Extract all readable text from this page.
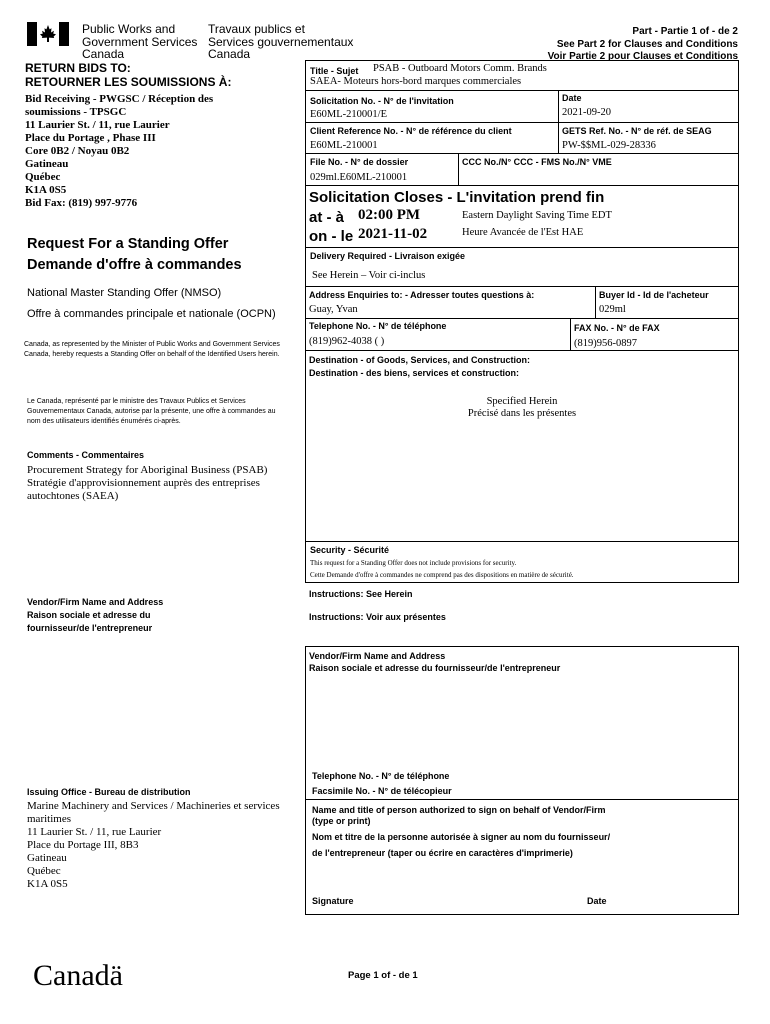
Public Works and
Government Services
Canada
Travaux publics et
Services gouvernementaux
Canada
Part - Partie 1 of - de 2
See Part 2 for Clauses and Conditions
Voir Partie 2 pour Clauses et Conditions
RETURN BIDS TO:
RETOURNER LES SOUMISSIONS À:
Bid Receiving - PWGSC / Réception des
soumissions - TPSGC
11 Laurier St. / 11, rue Laurier
Place du Portage , Phase III
Core 0B2 / Noyau 0B2
Gatineau
Québec
K1A 0S5
Bid Fax: (819) 997-9776
Request For a Standing Offer
Demande d'offre à commandes
National Master Standing Offer (NMSO)
Offre à commandes principale et nationale (OCPN)
Canada, as represented by the Minister of Public Works and Government Services Canada, hereby requests a Standing Offer on behalf of the Identified Users herein.
Le Canada, représenté par le ministre des Travaux Publics et Services Gouvernementaux Canada, autorise par la présente, une offre à commandes au nom des utilisateurs identifiés énumérés ci-après.
Comments - Commentaires
Procurement Strategy for Aboriginal Business (PSAB)
Stratégie d'approvisionnement auprès des entreprises
autochtones (SAEA)
Vendor/Firm Name and Address
Raison sociale et adresse du
fournisseur/de l'entrepreneur
Issuing Office - Bureau de distribution
Marine Machinery and Services / Machineries et services
maritimes
11 Laurier St. / 11, rue Laurier
Place du Portage III, 8B3
Gatineau
Québec
K1A 0S5
Title - Sujet PSAB - Outboard Motors Comm. Brands
SAEA- Moteurs hors-bord marques commerciales
Solicitation No. - N° de l'invitation
E60ML-210001/E
Date
2021-09-20
Client Reference No. - N° de référence du client
E60ML-210001
GETS Ref. No. - N° de réf. de SEAG
PW-$$ML-029-28336
File No. - N° de dossier
029ml.E60ML-210001
CCC No./N° CCC - FMS No./N° VME
Solicitation Closes - L'invitation prend fin
at - à 02:00 PM	Eastern Daylight Saving Time EDT
on - le 2021-11-02	Heure Avancée de l'Est HAE
Delivery Required - Livraison exigée
See Herein – Voir ci-inclus
Address Enquiries to: - Adresser toutes questions à:
Guay, Yvan
Buyer Id - Id de l'acheteur
029ml
Telephone No. - N° de téléphone
(819)962-4038 ( )
FAX No. - N° de FAX
(819)956-0897
Destination - of Goods, Services, and Construction:
Destination - des biens, services et construction:
Specified Herein
Précisé dans les présentes
Security - Sécurité
This request for a Standing Offer does not include provisions for security.
Cette Demande d'offre à commandes ne comprend pas des dispositions en matière de sécurité.
Instructions: See Herein
Instructions: Voir aux présentes
Vendor/Firm Name and Address
Raison sociale et adresse du fournisseur/de l'entrepreneur
Telephone No. - N° de téléphone
Facsimile No. - N° de télécopieur
Name and title of person authorized to sign on behalf of Vendor/Firm
(type or print)
Nom et titre de la personne autorisée à signer au nom du fournisseur/
de l'entrepreneur (taper ou écrire en caractères d'imprimerie)
Signature	Date
Canadä	Page 1 of - de 1
